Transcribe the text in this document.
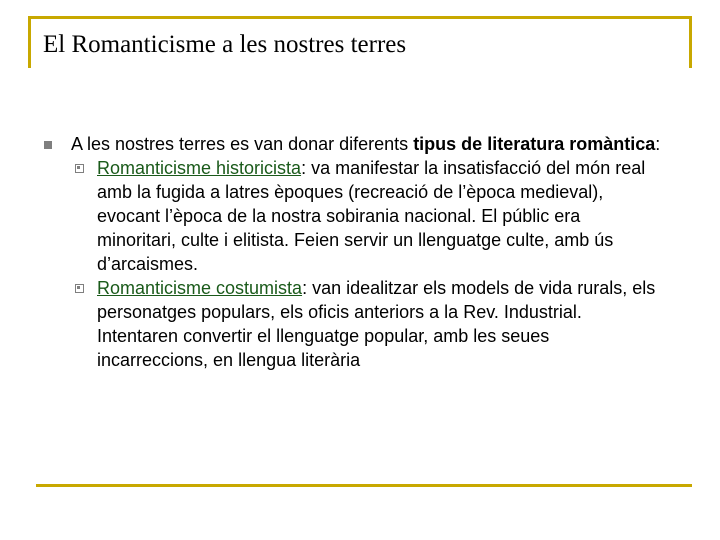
El Romanticisme a les nostres terres

A les nostres terres es van donar diferents tipus de literatura romàntica:

Romanticisme historicista: va manifestar la insatisfacció del món real amb la fugida a latres èpoques (recreació de l’època medieval), evocant l’època de la nostra sobirania nacional. El públic era minoritari, culte i elitista. Feien servir un llenguatge culte, amb ús d’arcaismes.
Romanticisme costumista: van idealitzar els models de vida rurals, els personatges populars, els oficis anteriors a la Rev. Industrial. Intentaren convertir el llenguatge popular, amb les seues incarreccions, en llengua literària
